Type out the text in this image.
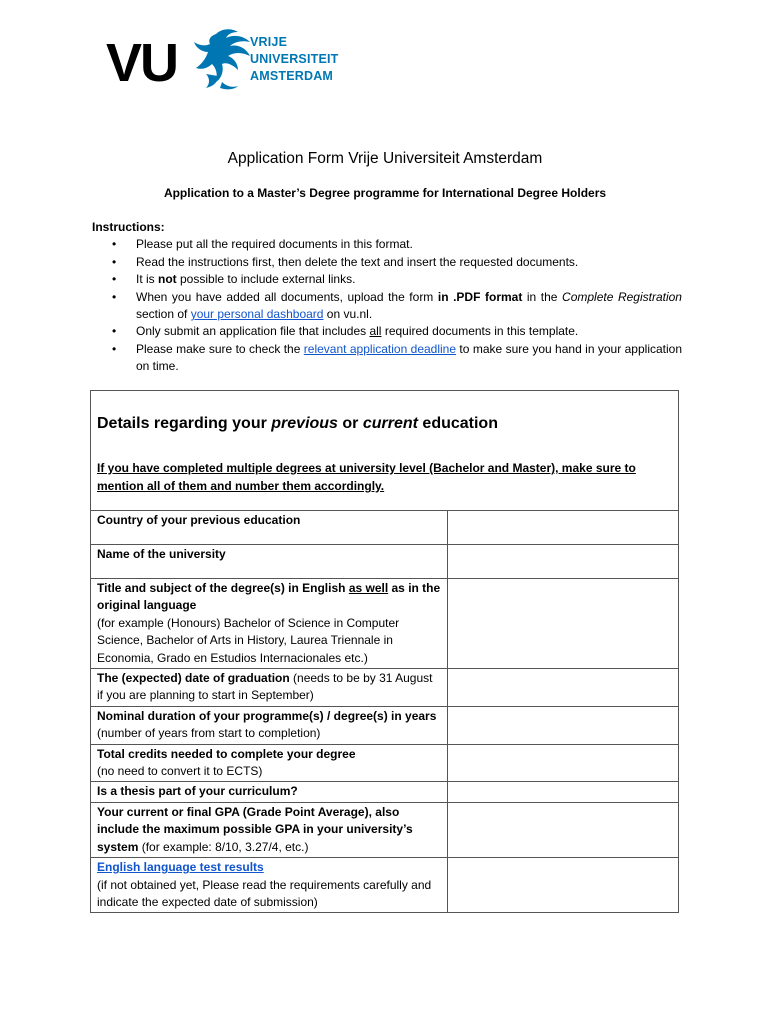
VU	VRIJE
UNIVERSITEIT
AMSTERDAM
Application Form Vrije Universiteit Amsterdam
Application to a Master’s Degree programme for International Degree Holders
Instructions:
• Please put all the required documents in this format.
• Read the instructions first, then delete the text and insert the requested documents.
• It is not possible to include external links.
• When you have added all documents, upload the form in .PDF format in the Complete Registration section of your personal dashboard on vu.nl.
• Only submit an application file that includes all required documents in this template.
• Please make sure to check the relevant application deadline to make sure you hand in your application on time.
Details regarding your previous or current education
If you have completed multiple degrees at university level (Bachelor and Master), make sure to mention all of them and number them accordingly.
Country of your previous education	
Name of the university	
Title and subject of the degree(s) in English as well as in the original language
(for example (Honours) Bachelor of Science in Computer Science, Bachelor of Arts in History, Laurea Triennale in Economia, Grado en Estudios Internacionales etc.)	
The (expected) date of graduation (needs to be by 31 August if you are planning to start in September)	
Nominal duration of your programme(s) / degree(s) in years (number of years from start to completion)	
Total credits needed to complete your degree
(no need to convert it to ECTS)	
Is a thesis part of your curriculum?	
Your current or final GPA (Grade Point Average), also include the maximum possible GPA in your university’s system (for example: 8/10, 3.27/4, etc.)	
English language test results
(if not obtained yet, Please read the requirements carefully and indicate the expected date of submission)	
